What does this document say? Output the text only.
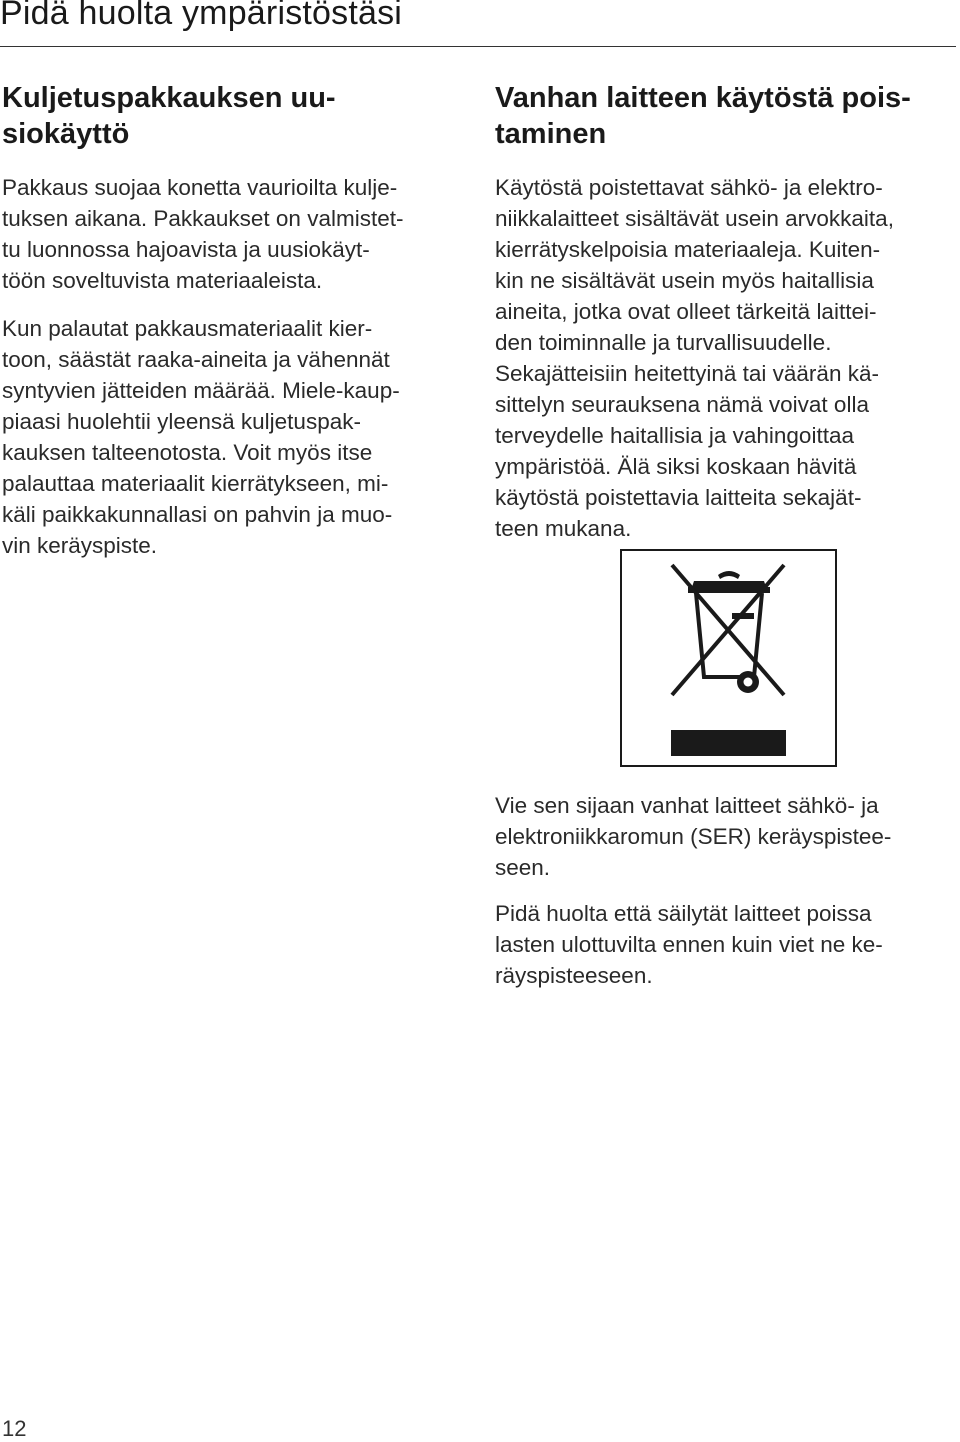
Pidä huolta ympäristöstäsi
Kuljetuspakkauksen uu-
siokäyttö

Pakkaus suojaa konetta vaurioilta kulje-
tuksen aikana. Pakkaukset on valmistet-
tu luonnossa hajoavista ja uusiokäyt-
töön soveltuvista materiaaleista.

Kun palautat pakkausmateriaalit kier-
toon, säästät raaka-aineita ja vähennät
syntyvien jätteiden määrää. Miele-kaup-
piaasi huolehtii yleensä kuljetuspak-
kauksen talteenotosta. Voit myös itse
palauttaa materiaalit kierrätykseen, mi-
käli paikkakunnallasi on pahvin ja muo-
vin keräyspiste.

Vanhan laitteen käytöstä pois-
taminen

Käytöstä poistettavat sähkö- ja elektro-
niikkalaitteet sisältävät usein arvokkaita,
kierrätyskelpoisia materiaaleja. Kuiten-
kin ne sisältävät usein myös haitallisia
aineita, jotka ovat olleet tärkeitä laittei-
den toiminnalle ja turvallisuudelle.
Sekajätteisiin heitettyinä tai väärän kä-
sittelyn seurauksena nämä voivat olla
terveydelle haitallisia ja vahingoittaa
ympäristöä. Älä siksi koskaan hävitä
käytöstä poistettavia laitteita sekajät-
teen mukana.

Vie sen sijaan vanhat laitteet sähkö- ja
elektroniikkaromun (SER) keräyspistee-
seen.

Pidä huolta että säilytät laitteet poissa
lasten ulottuvilta ennen kuin viet ne ke-
räyspisteeseen.

12
